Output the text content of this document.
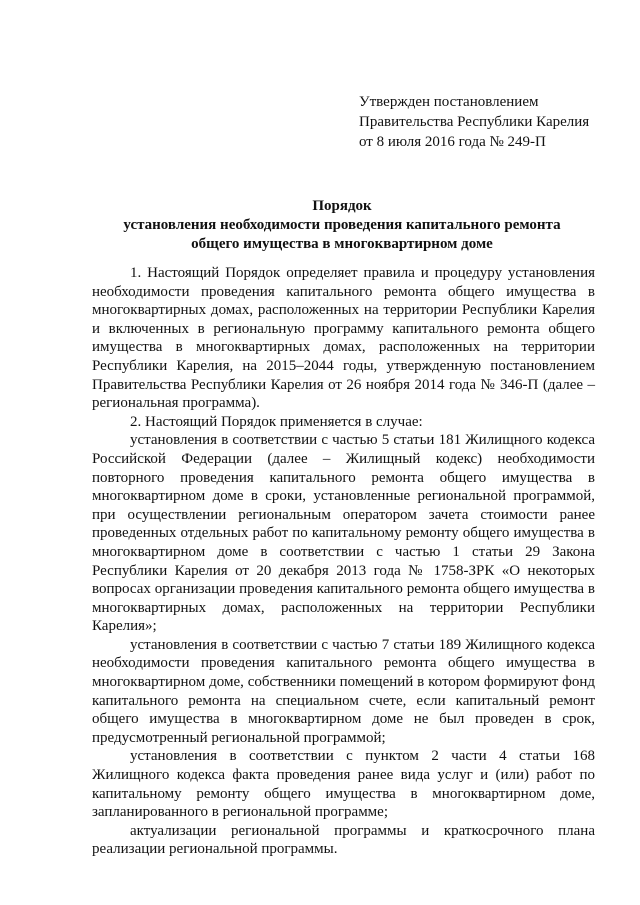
Утвержден постановлением
Правительства Республики Карелия
от 8 июля 2016 года № 249-П
Порядок
установления необходимости проведения капитального ремонта
общего имущества в многоквартирном доме

1. Настоящий Порядок определяет правила и процедуру установления необходимости проведения капитального ремонта общего имущества в многоквартирных домах, расположенных на территории Республики Карелия и включенных в региональную программу капитального ремонта общего имущества в многоквартирных домах, расположенных на территории Республики Карелия, на 2015–2044 годы, утвержденную постановлением Правительства Республики Карелия от 26 ноября 2014 года № 346-П (далее – региональная программа).

2. Настоящий Порядок применяется в случае:

установления в соответствии с частью 5 статьи 181 Жилищного кодекса Российской Федерации (далее – Жилищный кодекс) необходимости повторного проведения капитального ремонта общего имущества в многоквартирном доме в сроки, установленные региональной программой, при осуществлении региональным оператором зачета стоимости ранее проведенных отдельных работ по капитальному ремонту общего имущества в многоквартирном доме в соответствии с частью 1 статьи 29 Закона Республики Карелия от 20 декабря 2013 года № 1758-ЗРК «О некоторых вопросах организации проведения капитального ремонта общего имущества в многоквартирных домах, расположенных на территории Республики Карелия»;

установления в соответствии с частью 7 статьи 189 Жилищного кодекса необходимости проведения капитального ремонта общего имущества в многоквартирном доме, собственники помещений в котором формируют фонд капитального ремонта на специальном счете, если капитальный ремонт общего имущества в многоквартирном доме не был проведен в срок, предусмотренный региональной программой;

установления в соответствии с пунктом 2 части 4 статьи 168 Жилищного кодекса факта проведения ранее вида услуг и (или) работ по капитальному ремонту общего имущества в многоквартирном доме, запланированного в региональной программе;

актуализации региональной программы и краткосрочного плана реализации региональной программы.
